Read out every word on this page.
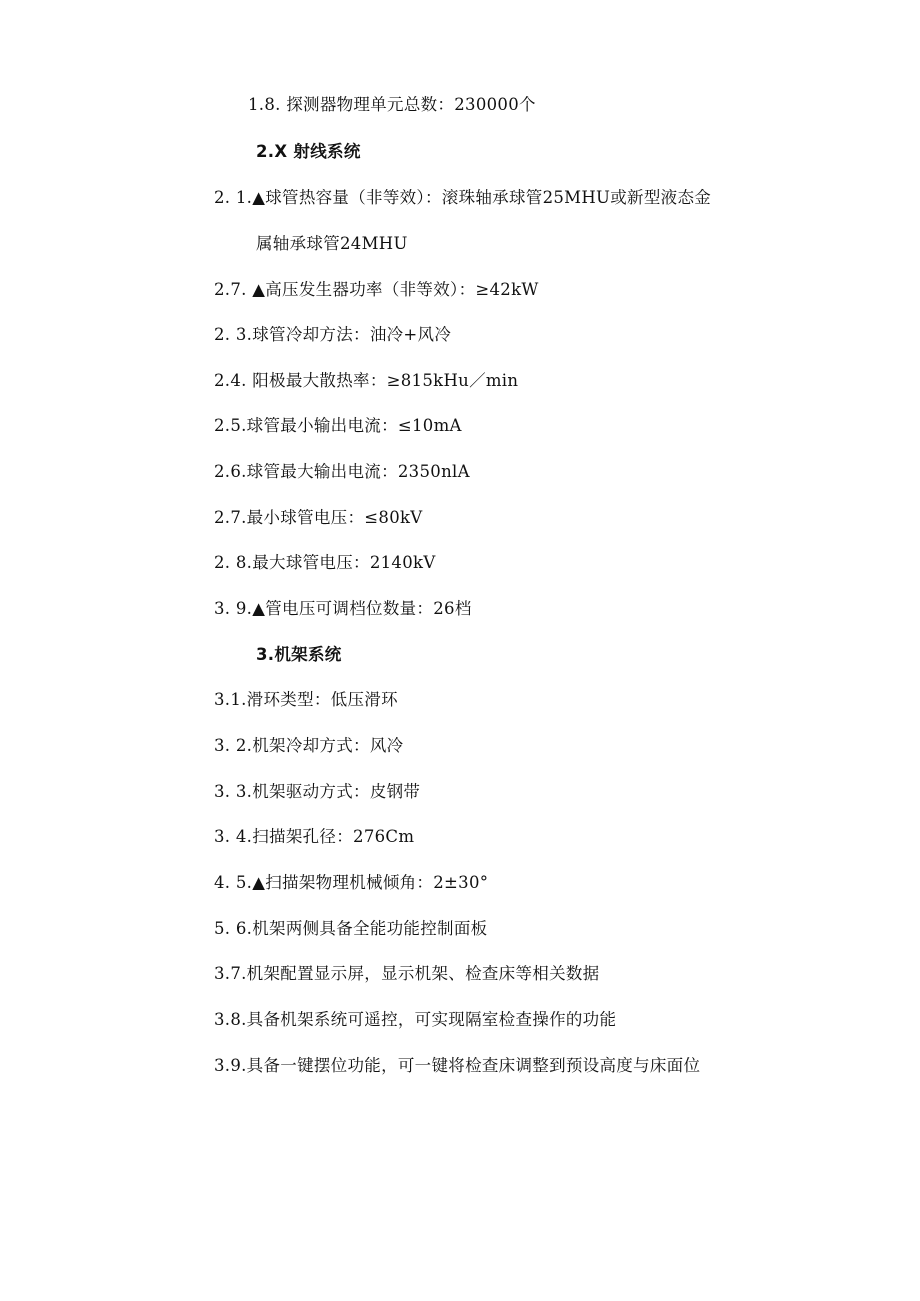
1.8. 探测器物理单元总数：230000个
2.X 射线系统
2. 1.▲球管热容量（非等效）：滚珠轴承球管25MHU或新型液态金
属轴承球管24MHU
2.7. ▲高压发生器功率（非等效）：≥42kW
2. 3.球管冷却方法：油冷+风冷
2.4. 阳极最大散热率：≥815kHu／min
2.5.球管最小输出电流：≤10mA
2.6.球管最大输出电流：2350nlA
2.7.最小球管电压：≤80kV
2. 8.最大球管电压：2140kV
3. 9.▲管电压可调档位数量：26档
3.机架系统
3.1.滑环类型：低压滑环
3. 2.机架冷却方式：风冷
3. 3.机架驱动方式：皮钢带
3. 4.扫描架孔径：276Cm
4. 5.▲扫描架物理机械倾角：2±30°
5. 6.机架两侧具备全能功能控制面板
3.7.机架配置显示屏，显示机架、检查床等相关数据
3.8.具备机架系统可遥控，可实现隔室检查操作的功能
3.9.具备一键摆位功能，可一键将检查床调整到预设高度与床面位
